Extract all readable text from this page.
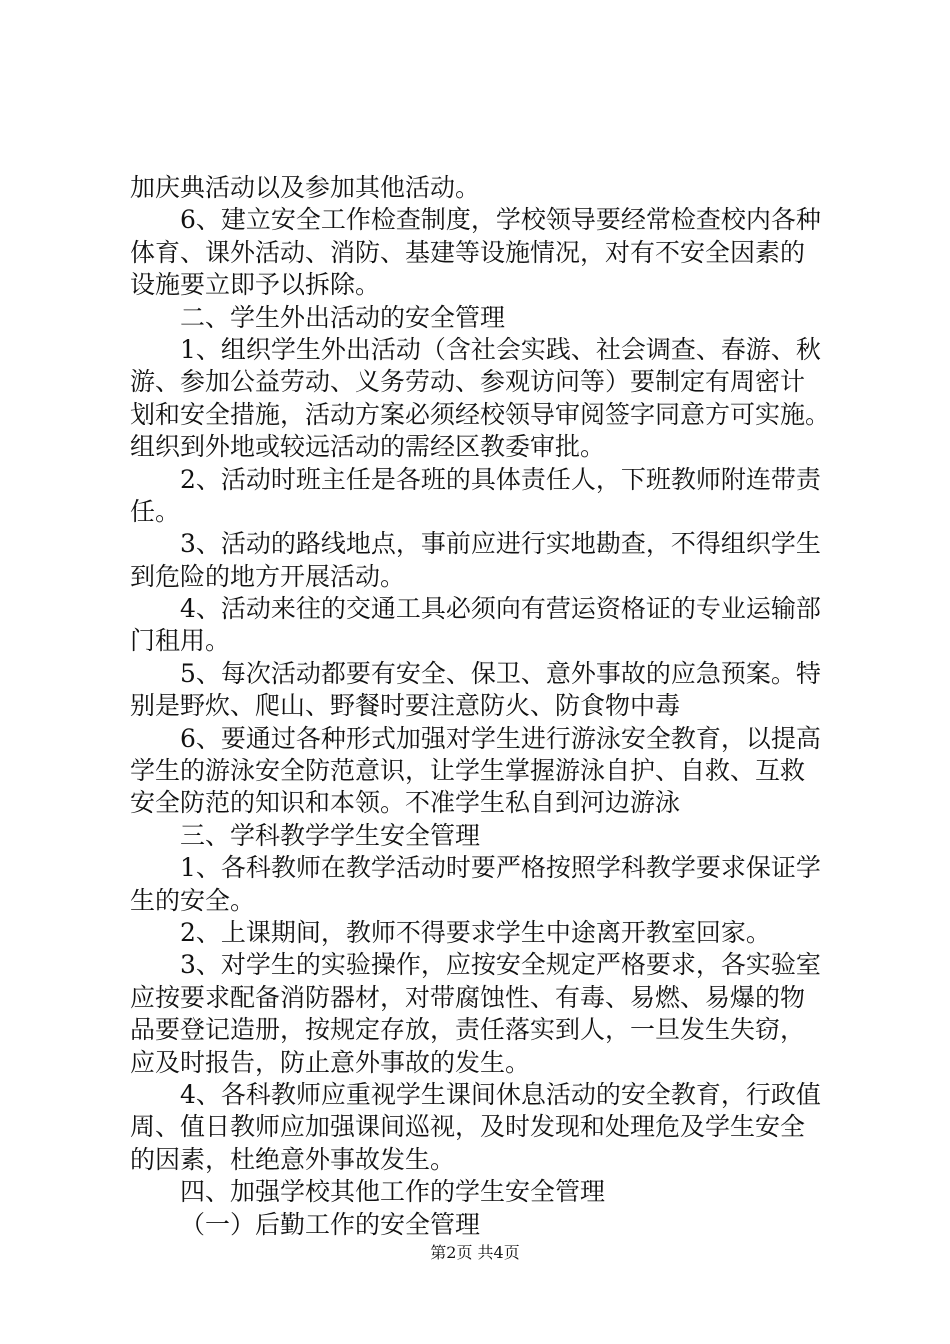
加庆典活动以及参加其他活动。
6、建立安全工作检查制度，学校领导要经常检查校内各种
体育、课外活动、消防、基建等设施情况，对有不安全因素的
设施要立即予以拆除。
二、学生外出活动的安全管理
1、组织学生外出活动（含社会实践、社会调查、春游、秋
游、参加公益劳动、义务劳动、参观访问等）要制定有周密计
划和安全措施，活动方案必须经校领导审阅签字同意方可实施。
组织到外地或较远活动的需经区教委审批。
2、活动时班主任是各班的具体责任人，下班教师附连带责
任。
3、活动的路线地点，事前应进行实地勘查，不得组织学生
到危险的地方开展活动。
4、活动来往的交通工具必须向有营运资格证的专业运输部
门租用。
5、每次活动都要有安全、保卫、意外事故的应急预案。特
别是野炊、爬山、野餐时要注意防火、防食物中毒
6、要通过各种形式加强对学生进行游泳安全教育，以提高
学生的游泳安全防范意识，让学生掌握游泳自护、自救、互救
安全防范的知识和本领。不准学生私自到河边游泳
三、学科教学学生安全管理
1、各科教师在教学活动时要严格按照学科教学要求保证学
生的安全。
2、上课期间，教师不得要求学生中途离开教室回家。
3、对学生的实验操作，应按安全规定严格要求，各实验室
应按要求配备消防器材，对带腐蚀性、有毒、易燃、易爆的物
品要登记造册，按规定存放，责任落实到人，一旦发生失窃，
应及时报告，防止意外事故的发生。
4、各科教师应重视学生课间休息活动的安全教育，行政值
周、值日教师应加强课间巡视，及时发现和处理危及学生安全
的因素，杜绝意外事故发生。
四、加强学校其他工作的学生安全管理
（一）后勤工作的安全管理
第2页 共4页
